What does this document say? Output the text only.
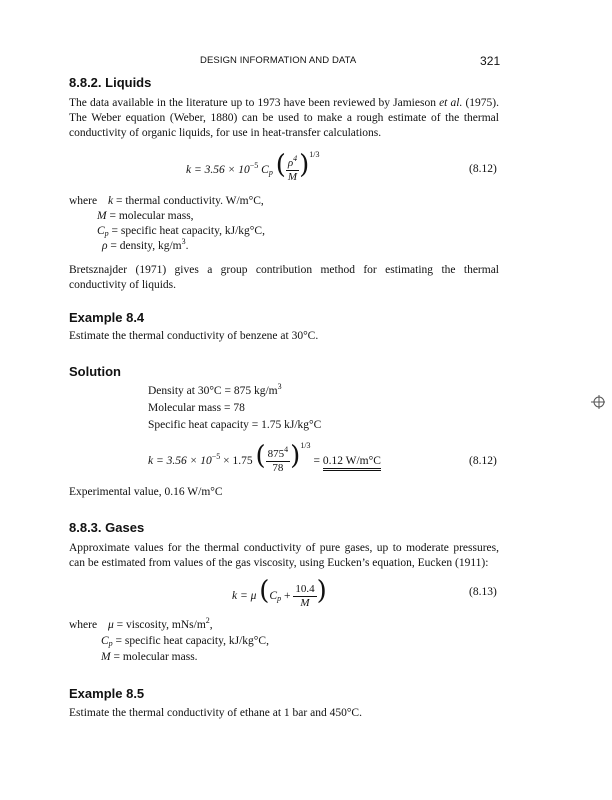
DESIGN INFORMATION AND DATA	321
8.8.2. Liquids
The data available in the literature up to 1973 have been reviewed by Jamieson et al. (1975). The Weber equation (Weber, 1880) can be used to make a rough estimate of the thermal conductivity of organic liquids, for use in heat-transfer calculations.
$k = 3.56 \times 10^{-5}$ $C_p$ ( $\frac{\rho^4}{M} )^{1/3}$
(8.12)
where k = thermal conductivity. W/m°C,
M = molecular mass,
$C_p$ = specific heat capacity, kJ/kg°C,
ρ = density, $kg/m^3$.
Bretsznajder (1971) gives a group contribution method for estimating the thermal conductivity of liquids.
Example 8.4
Estimate the thermal conductivity of benzene at 30°C.
Solution
Density at 30°C = 875 $kg/m^3$
Molecular mass = 78
Specific heat capacity = 1.75 kJ/kg°C
$k = 3.56 \times 10^{-5} \times 1.75$ ( $\frac{875^4}{78} )^{1/3} = 0.12$ W/m°C	(8.12)
Experimental value, 0.16 W/m°C
8.8.3. Gases
Approximate values for the thermal conductivity of pure gases, up to moderate pressures, can be estimated from values of the gas viscosity, using Eucken’s equation, Eucken (1911):
k = μ ($C_p + \frac{10.4}{M}$ )	(8.13)
where μ = viscosity, mNs/$m^2$,
$C_p$ = specific heat capacity, kJ/kg°C,
M = molecular mass.
Example 8.5
Estimate the thermal conductivity of ethane at 1 bar and 450°C.
